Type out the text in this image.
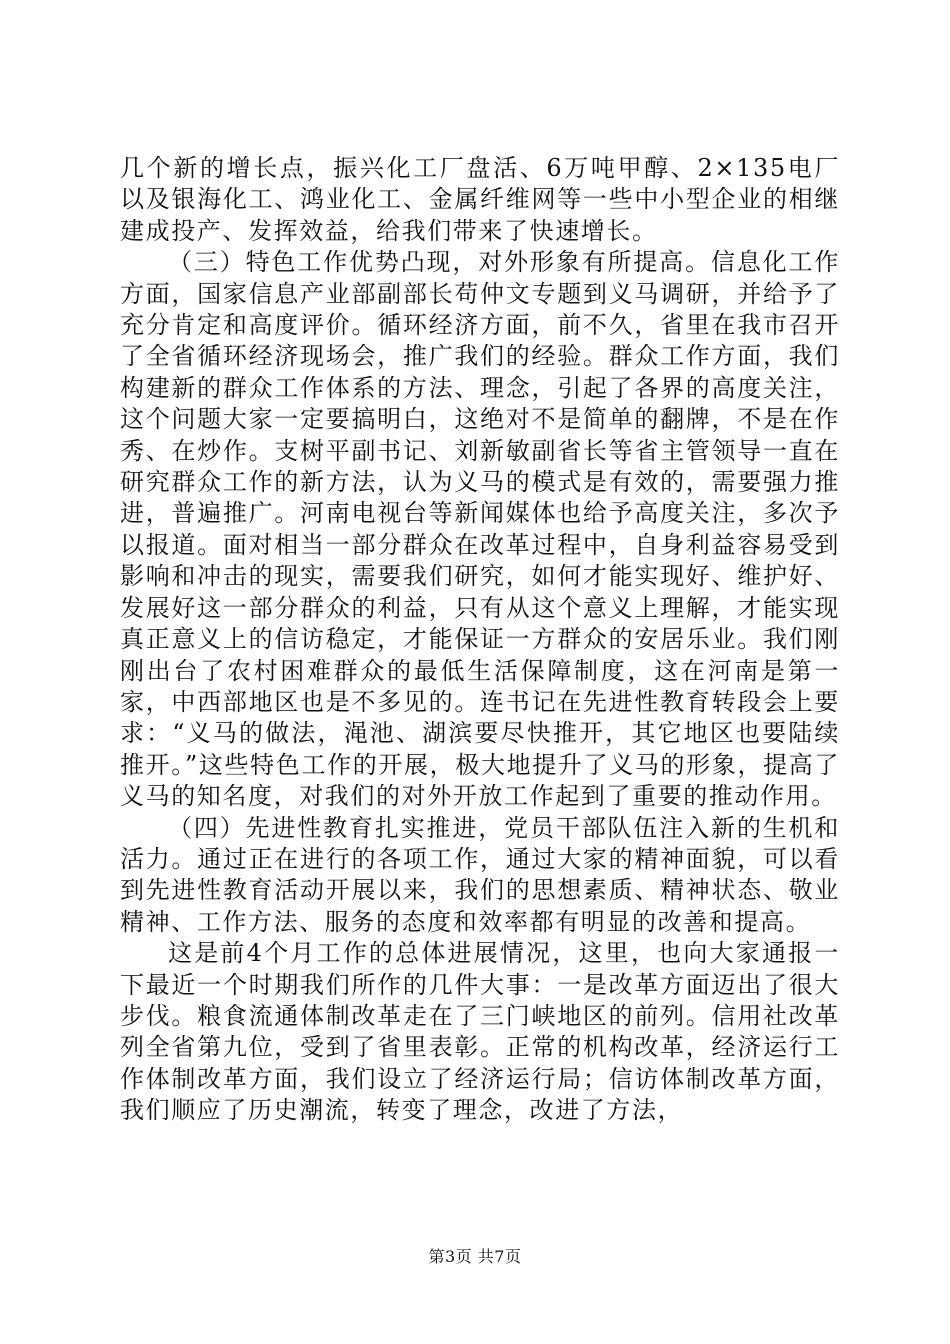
几个新的增长点，振兴化工厂盘活、6万吨甲醇、2×135电厂以及银海化工、鸿业化工、金属纤维网等一些中小型企业的相继建成投产、发挥效益，给我们带来了快速增长。

（三）特色工作优势凸现，对外形象有所提高。信息化工作方面，国家信息产业部副部长苟仲文专题到义马调研，并给予了充分肯定和高度评价。循环经济方面，前不久，省里在我市召开了全省循环经济现场会，推广我们的经验。群众工作方面，我们构建新的群众工作体系的方法、理念，引起了各界的高度关注，这个问题大家一定要搞明白，这绝对不是简单的翻牌，不是在作秀、在炒作。支树平副书记、刘新敏副省长等省主管领导一直在研究群众工作的新方法，认为义马的模式是有效的，需要强力推进，普遍推广。河南电视台等新闻媒体也给予高度关注，多次予以报道。面对相当一部分群众在改革过程中，自身利益容易受到影响和冲击的现实，需要我们研究，如何才能实现好、维护好、发展好这一部分群众的利益，只有从这个意义上理解，才能实现真正意义上的信访稳定，才能保证一方群众的安居乐业。我们刚刚出台了农村困难群众的最低生活保障制度，这在河南是第一家，中西部地区也是不多见的。连书记在先进性教育转段会上要求：“义马的做法，渑池、湖滨要尽快推开，其它地区也要陆续推开。”这些特色工作的开展，极大地提升了义马的形象，提高了义马的知名度，对我们的对外开放工作起到了重要的推动作用。

（四）先进性教育扎实推进，党员干部队伍注入新的生机和活力。通过正在进行的各项工作，通过大家的精神面貌，可以看到先进性教育活动开展以来，我们的思想素质、精神状态、敬业精神、工作方法、服务的态度和效率都有明显的改善和提高。

这是前4个月工作的总体进展情况，这里，也向大家通报一下最近一个时期我们所作的几件大事：一是改革方面迈出了很大步伐。粮食流通体制改革走在了三门峡地区的前列。信用社改革列全省第九位，受到了省里表彰。正常的机构改革，经济运行工作体制改革方面，我们设立了经济运行局；信访体制改革方面，我们顺应了历史潮流，转变了理念，改进了方法，

第3页 共7页
